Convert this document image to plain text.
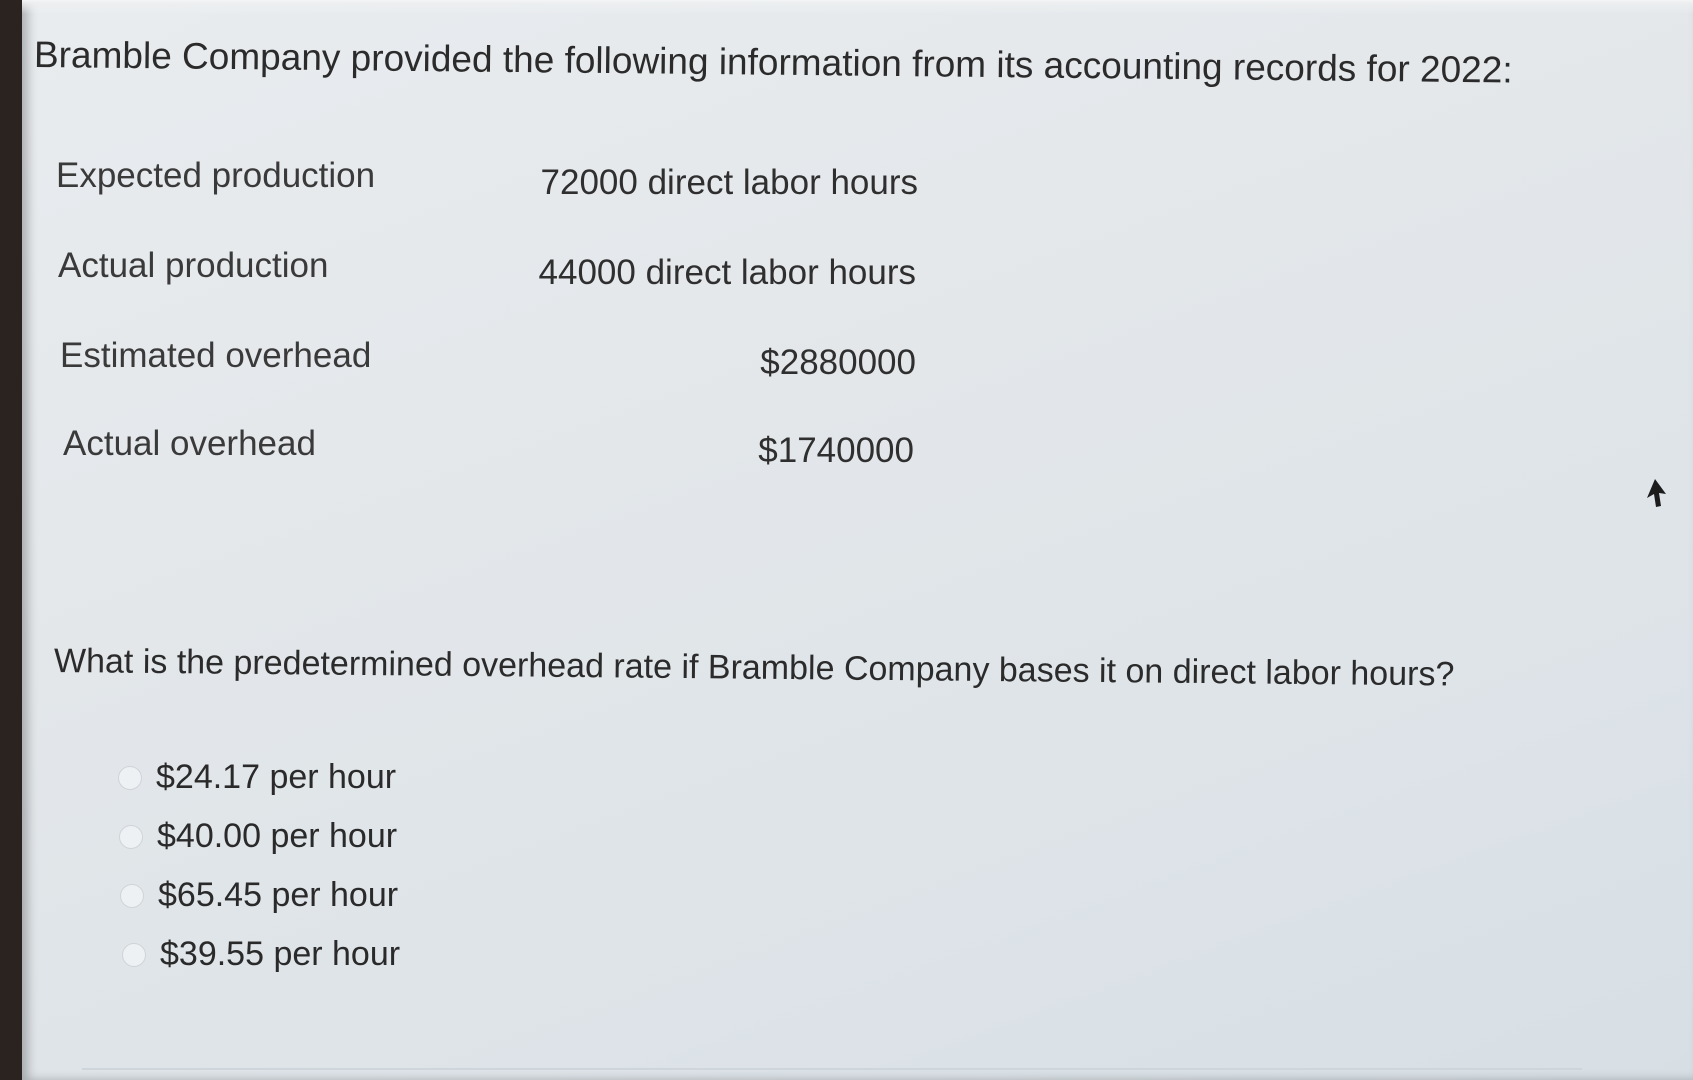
Bramble Company provided the following information from its accounting records for 2022:
Expected production	72000 direct labor hours
Actual production	44000 direct labor hours
Estimated overhead	$2880000
Actual overhead	$1740000
What is the predetermined overhead rate if Bramble Company bases it on direct labor hours?
$24.17 per hour
$40.00 per hour
$65.45 per hour
$39.55 per hour
